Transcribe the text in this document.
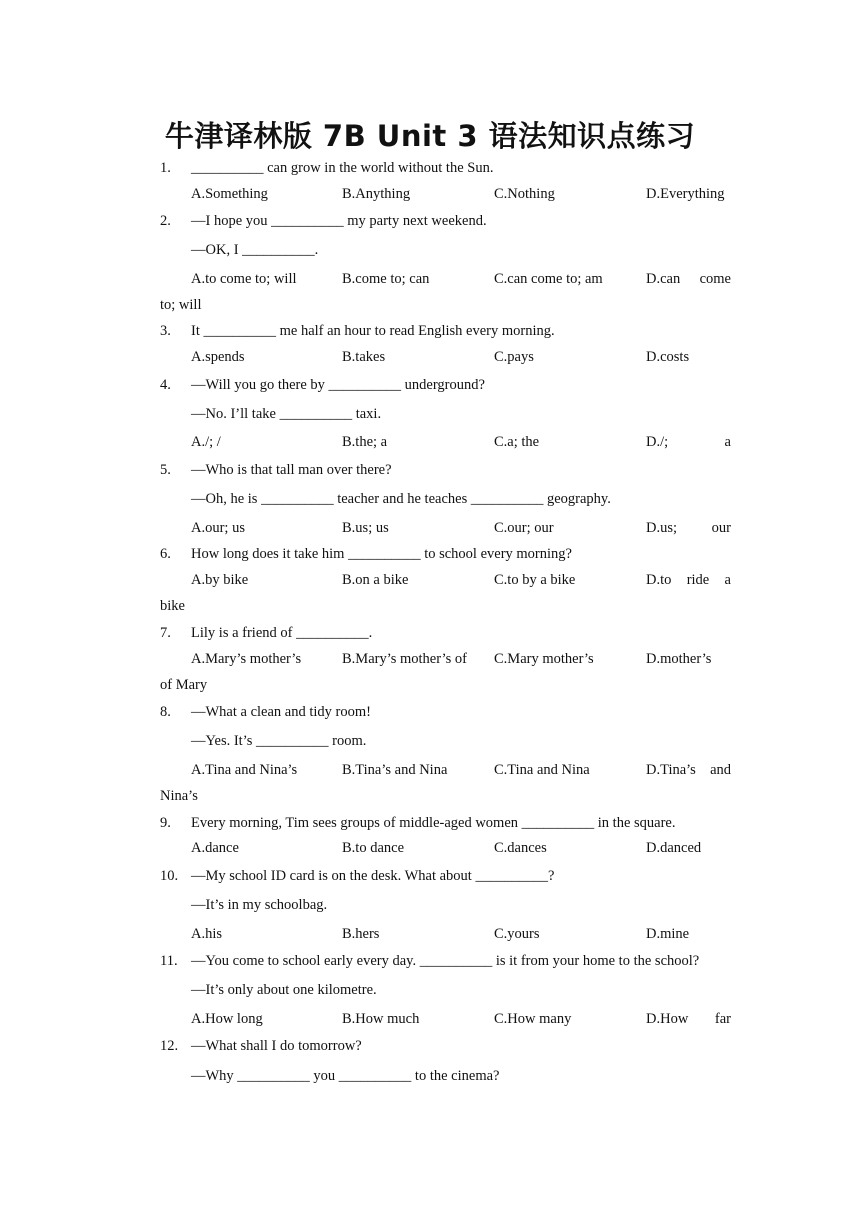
牛津译林版 7B Unit 3 语法知识点练习
1. __________ can grow in the world without the Sun.
A.Something	B.Anything	C.Nothing	D.Everything
2. —I hope you __________ my party next weekend.
—OK, I __________.
A.to come to; will	B.come to; can	C.can come to; am	D.can come
to; will
3. It __________ me half an hour to read English every morning.
A.spends	B.takes	C.pays	D.costs
4. —Will you go there by __________ underground?
—No. I’ll take __________ taxi.
A./; /	B.the; a	C.a; the	D./; a
5. —Who is that tall man over there?
—Oh, he is __________ teacher and he teaches __________ geography.
A.our; us	B.us; us	C.our; our	D.us; our
6. How long does it take him __________ to school every morning?
A.by bike	B.on a bike	C.to by a bike	D.to ride a
bike
7. Lily is a friend of __________.
A.Mary’s mother’s	B.Mary’s mother’s of C.Mary mother’s	D.mother’s
of Mary
8. —What a clean and tidy room!
—Yes. It’s __________ room.
A.Tina and Nina’s	B.Tina’s and Nina	C.Tina and Nina	D.Tina’s and
Nina’s
9. Every morning, Tim sees groups of middle-aged women __________ in the square.
A.dance	B.to dance	C.dances	D.danced
10. —My school ID card is on the desk. What about __________?
—It’s in my schoolbag.
A.his	B.hers	C.yours	D.mine
11. —You come to school early every day. __________ is it from your home to the school?
—It’s only about one kilometre.
A.How long	B.How much	C.How many	D.How far
12. —What shall I do tomorrow?
—Why __________ you __________ to the cinema?
